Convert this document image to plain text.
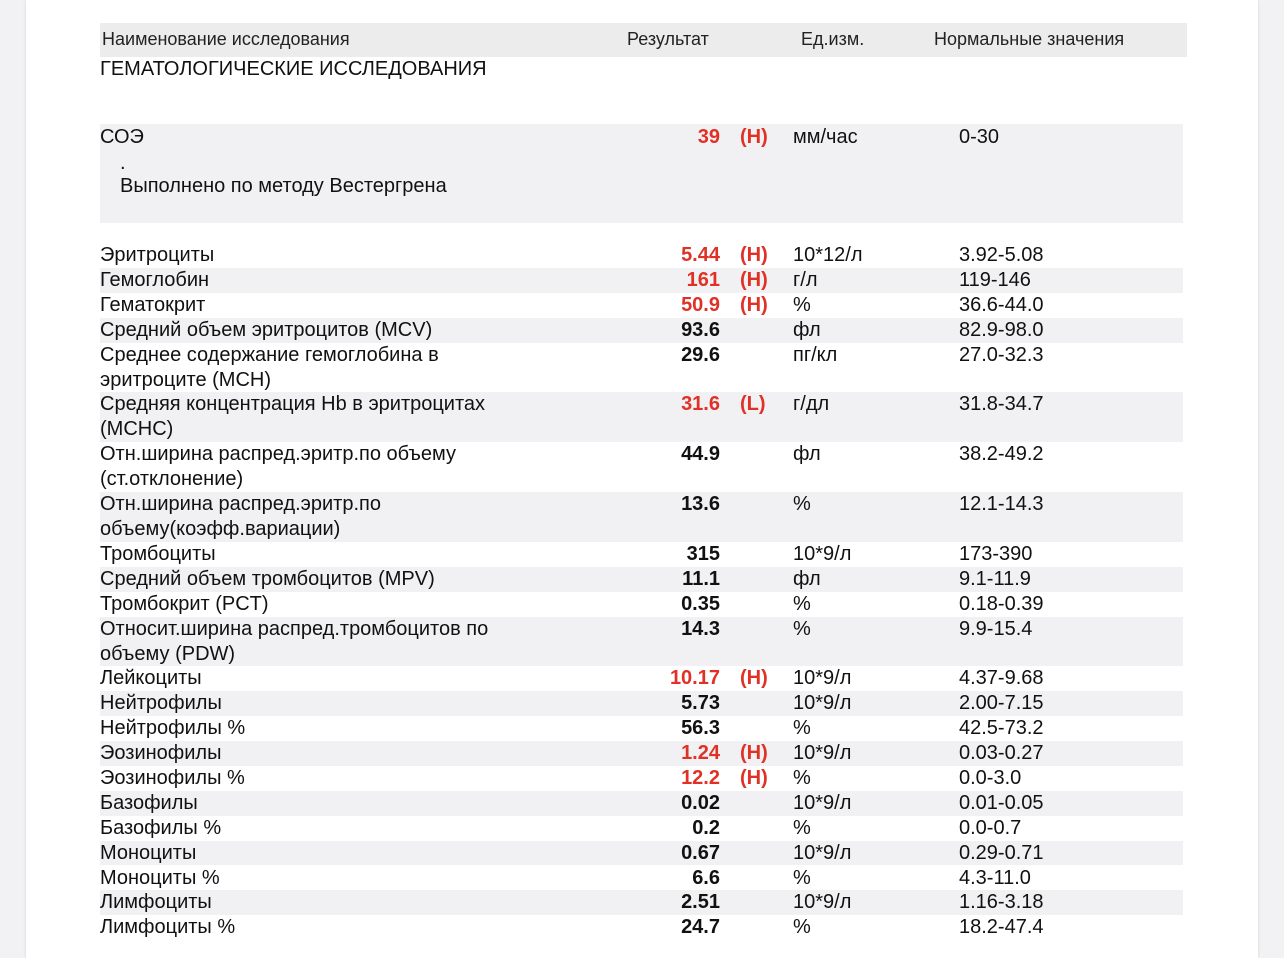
Наименование исследования	Результат	Ед.изм.	Нормальные значения
ГЕМАТОЛОГИЧЕСКИЕ ИССЛЕДОВАНИЯ
СОЭ	39 (Н) мм/час	0-30
.
Выполнено по методу Вестергрена
Эритроциты	5.44 (Н) 10*12/л	3.92-5.08
Гемоглобин	161 (Н) г/л	119-146
Гематокрит	50.9 (Н) %	36.6-44.0
Средний объем эритроцитов (MCV)	93.6	фл	82.9-98.0
Среднее содержание гемоглобина в
эритроците (MCH)
29.6	пг/кл	27.0-32.3
Средняя концентрация Hb в эритроцитах
(MCHC)
31.6 (L) г/дл	31.8-34.7
Отн.ширина распред.эритр.по объему
(ст.отклонение)
44.9	фл	38.2-49.2
Отн.ширина распред.эритр.по
объему(коэфф.вариации)
13.6	%	12.1-14.3
Тромбоциты	315	10*9/л	173-390
Средний объем тромбоцитов (MPV)	11.1	фл	9.1-11.9
Тромбокрит (PCT)	0.35	%	0.18-0.39
Относит.ширина распред.тромбоцитов по
объему (PDW)
14.3	%	9.9-15.4
Лейкоциты	10.17 (Н) 10*9/л	4.37-9.68
Нейтрофилы	5.73	10*9/л	2.00-7.15
Нейтрофилы %	56.3	%	42.5-73.2
Эозинофилы	1.24 (Н) 10*9/л	0.03-0.27
Эозинофилы %	12.2 (Н) %	0.0-3.0
Базофилы	0.02	10*9/л	0.01-0.05
Базофилы %	0.2	%	0.0-0.7
Моноциты	0.67	10*9/л	0.29-0.71
Моноциты %	6.6	%	4.3-11.0
Лимфоциты	2.51	10*9/л	1.16-3.18
Лимфоциты %	24.7	%	18.2-47.4
